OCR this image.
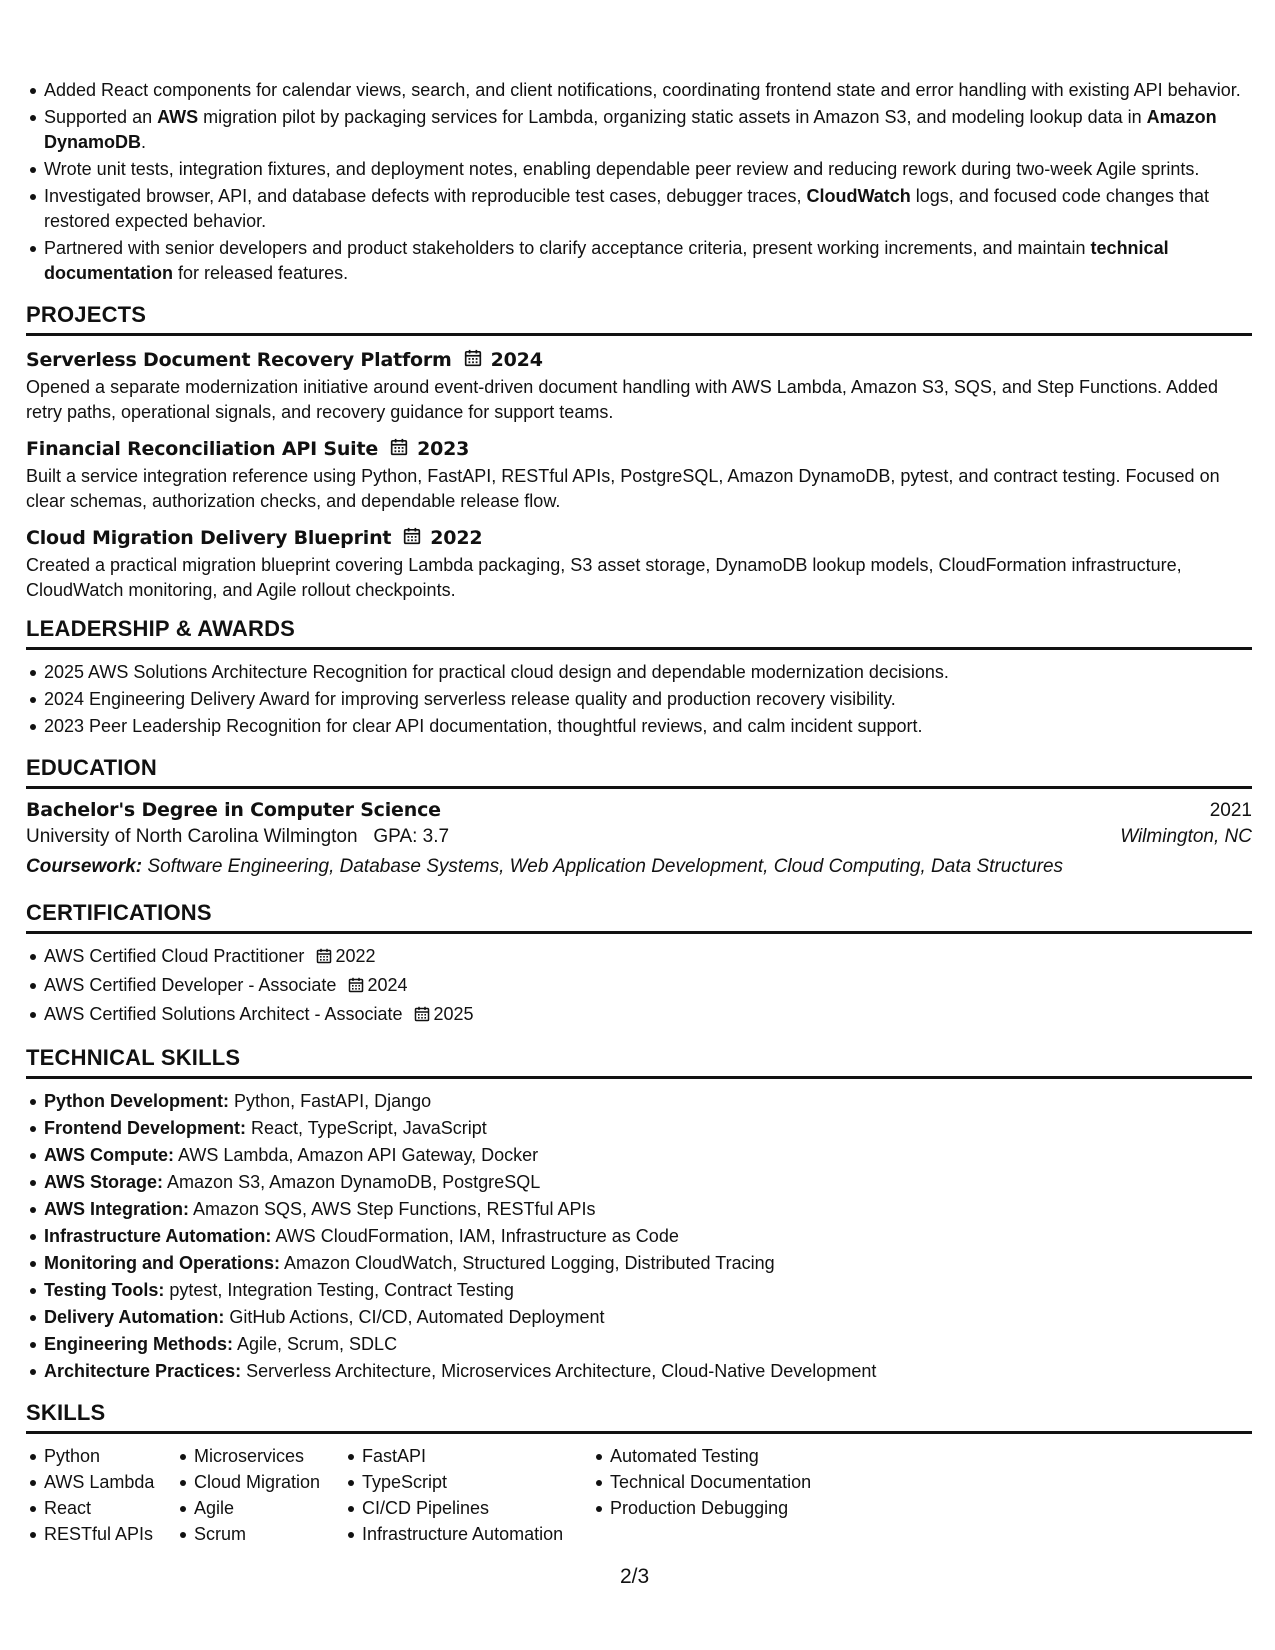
Added React components for calendar views, search, and client notifications, coordinating frontend state and error handling with existing API behavior.
Supported an AWS migration pilot by packaging services for Lambda, organizing static assets in Amazon S3, and modeling lookup data in Amazon DynamoDB.
Wrote unit tests, integration fixtures, and deployment notes, enabling dependable peer review and reducing rework during two-week Agile sprints.
Investigated browser, API, and database defects with reproducible test cases, debugger traces, CloudWatch logs, and focused code changes that restored expected behavior.
Partnered with senior developers and product stakeholders to clarify acceptance criteria, present working increments, and maintain technical documentation for released features.
PROJECTS
Serverless Document Recovery Platform 2024
Opened a separate modernization initiative around event-driven document handling with AWS Lambda, Amazon S3, SQS, and Step Functions. Added retry paths, operational signals, and recovery guidance for support teams.
Financial Reconciliation API Suite 2023
Built a service integration reference using Python, FastAPI, RESTful APIs, PostgreSQL, Amazon DynamoDB, pytest, and contract testing. Focused on clear schemas, authorization checks, and dependable release flow.
Cloud Migration Delivery Blueprint 2022
Created a practical migration blueprint covering Lambda packaging, S3 asset storage, DynamoDB lookup models, CloudFormation infrastructure, CloudWatch monitoring, and Agile rollout checkpoints.
LEADERSHIP & AWARDS
2025 AWS Solutions Architecture Recognition for practical cloud design and dependable modernization decisions.
2024 Engineering Delivery Award for improving serverless release quality and production recovery visibility.
2023 Peer Leadership Recognition for clear API documentation, thoughtful reviews, and calm incident support.
EDUCATION
Bachelor's Degree in Computer Science	2021
University of North Carolina Wilmington GPA: 3.7	Wilmington, NC
Coursework: Software Engineering, Database Systems, Web Application Development, Cloud Computing, Data Structures
CERTIFICATIONS
AWS Certified Cloud Practitioner 2022
AWS Certified Developer - Associate 2024
AWS Certified Solutions Architect - Associate 2025
TECHNICAL SKILLS
Python Development: Python, FastAPI, Django
Frontend Development: React, TypeScript, JavaScript
AWS Compute: AWS Lambda, Amazon API Gateway, Docker
AWS Storage: Amazon S3, Amazon DynamoDB, PostgreSQL
AWS Integration: Amazon SQS, AWS Step Functions, RESTful APIs
Infrastructure Automation: AWS CloudFormation, IAM, Infrastructure as Code
Monitoring and Operations: Amazon CloudWatch, Structured Logging, Distributed Tracing
Testing Tools: pytest, Integration Testing, Contract Testing
Delivery Automation: GitHub Actions, CI/CD, Automated Deployment
Engineering Methods: Agile, Scrum, SDLC
Architecture Practices: Serverless Architecture, Microservices Architecture, Cloud-Native Development
SKILLS
Python
AWS Lambda
React
RESTful APIs
Microservices
Cloud Migration
Agile
Scrum
FastAPI
TypeScript
CI/CD Pipelines
Infrastructure Automation
Automated Testing
Technical Documentation
Production Debugging
2/3
